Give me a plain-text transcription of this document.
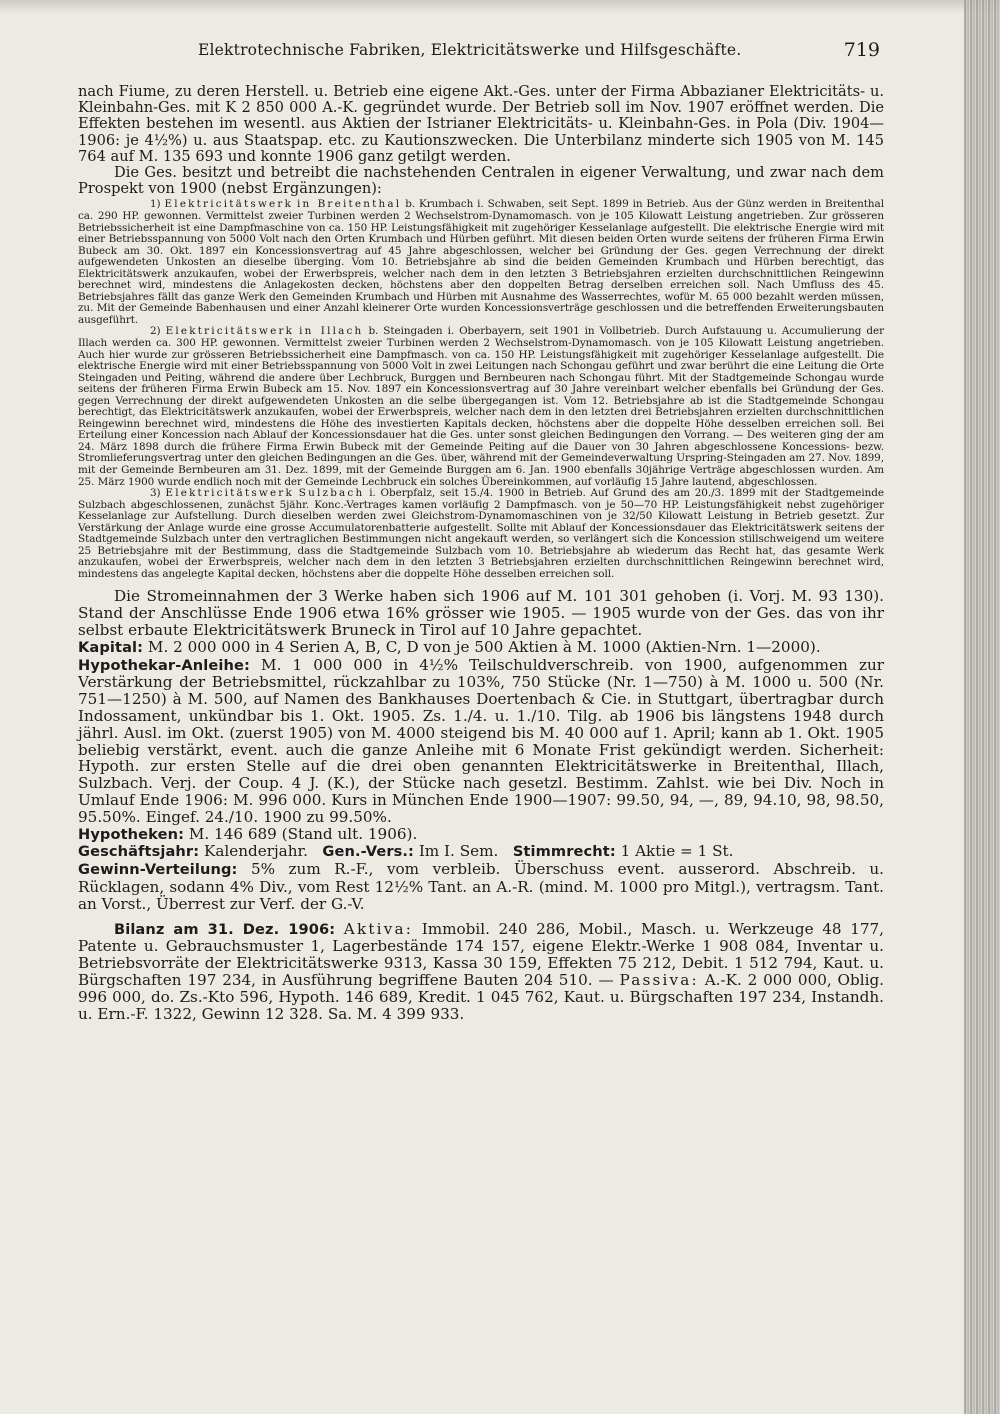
Elektrotechnische Fabriken, Elektricitätswerke und Hilfsgeschäfte.	719

nach Fiume, zu deren Herstell. u. Betrieb eine eigene Akt.-Ges. unter der Firma Abbazianer Elektricitäts- u. Kleinbahn-Ges. mit K 2 850 000 A.-K. gegründet wurde. Der Betrieb soll im Nov. 1907 eröffnet werden. Die Effekten bestehen im wesentl. aus Aktien der Istrianer Elektricitäts- u. Kleinbahn-Ges. in Pola (Div. 1904—1906: je 4½%) u. aus Staatspap. etc. zu Kautionszwecken. Die Unterbilanz minderte sich 1905 von M. 145 764 auf M. 135 693 und konnte 1906 ganz getilgt werden.

Die Ges. besitzt und betreibt die nachstehenden Centralen in eigener Verwaltung, und zwar nach dem Prospekt von 1900 (nebst Ergänzungen):

1) Elektricitätswerk in Breitenthal b. Krumbach i. Schwaben, seit Sept. 1899 in Betrieb. Aus der Günz werden in Breitenthal ca. 290 HP. gewonnen. Vermittelst zweier Turbinen werden 2 Wechselstrom-Dynamomasch. von je 105 Kilowatt Leistung angetrieben. Zur grösseren Betriebssicherheit ist eine Dampfmaschine von ca. 150 HP. Leistungsfähigkeit mit zugehöriger Kesselanlage aufgestellt. Die elektrische Energie wird mit einer Betriebsspannung von 5000 Volt nach den Orten Krumbach und Hürben geführt. Mit diesen beiden Orten wurde seitens der früheren Firma Erwin Bubeck am 30. Okt. 1897 ein Koncessionsvertrag auf 45 Jahre abgeschlossen, welcher bei Gründung der Ges. gegen Verrechnung der direkt aufgewendeten Unkosten an dieselbe überging. Vom 10. Betriebsjahre ab sind die beiden Gemeinden Krumbach und Hürben berechtigt, das Elektricitätswerk anzukaufen, wobei der Erwerbspreis, welcher nach dem in den letzten 3 Betriebsjahren erzielten durchschnittlichen Reingewinn berechnet wird, mindestens die Anlagekosten decken, höchstens aber den doppelten Betrag derselben erreichen soll. Nach Umfluss des 45. Betriebsjahres fällt das ganze Werk den Gemeinden Krumbach und Hürben mit Ausnahme des Wasserrechtes, wofür M. 65 000 bezahlt werden müssen, zu. Mit der Gemeinde Babenhausen und einer Anzahl kleinerer Orte wurden Koncessionsverträge geschlossen und die betreffenden Erweiterungsbauten ausgeführt.

2) Elektricitätswerk in Illach b. Steingaden i. Oberbayern, seit 1901 in Vollbetrieb. Durch Aufstauung u. Accumulierung der Illach werden ca. 300 HP. gewonnen. Vermittelst zweier Turbinen werden 2 Wechselstrom-Dynamomasch. von je 105 Kilowatt Leistung angetrieben. Auch hier wurde zur grösseren Betriebssicherheit eine Dampfmasch. von ca. 150 HP. Leistungsfähigkeit mit zugehöriger Kesselanlage aufgestellt. Die elektrische Energie wird mit einer Betriebsspannung von 5000 Volt in zwei Leitungen nach Schongau geführt und zwar berührt die eine Leitung die Orte Steingaden und Peiting, während die andere über Lechbruck, Burggen und Bernbeuren nach Schongau führt. Mit der Stadtgemeinde Schongau wurde seitens der früheren Firma Erwin Bubeck am 15. Nov. 1897 ein Koncessionsvertrag auf 30 Jahre vereinbart welcher ebenfalls bei Gründung der Ges. gegen Verrechnung der direkt aufgewendeten Unkosten an die selbe übergegangen ist. Vom 12. Betriebsjahre ab ist die Stadtgemeinde Schongau berechtigt, das Elektricitätswerk anzukaufen, wobei der Erwerbspreis, welcher nach dem in den letzten drei Betriebsjahren erzielten durchschnittlichen Reingewinn berechnet wird, mindestens die Höhe des investierten Kapitals decken, höchstens aber die doppelte Höhe desselben erreichen soll. Bei Erteilung einer Koncession nach Ablauf der Koncessionsdauer hat die Ges. unter sonst gleichen Bedingungen den Vorrang. — Des weiteren ging der am 24. März 1898 durch die frühere Firma Erwin Bubeck mit der Gemeinde Peiting auf die Dauer von 30 Jahren abgeschlossene Koncessions- bezw. Stromlieferungsvertrag unter den gleichen Bedingungen an die Ges. über, während mit der Gemeindeverwaltung Urspring-Steingaden am 27. Nov. 1899, mit der Gemeinde Bernbeuren am 31. Dez. 1899, mit der Gemeinde Burggen am 6. Jan. 1900 ebenfalls 30jährige Verträge abgeschlossen wurden. Am 25. März 1900 wurde endlich noch mit der Gemeinde Lechbruck ein solches Übereinkommen, auf vorläufig 15 Jahre lautend, abgeschlossen.

3) Elektricitätswerk Sulzbach i. Oberpfalz, seit 15./4. 1900 in Betrieb. Auf Grund des am 20./3. 1899 mit der Stadtgemeinde Sulzbach abgeschlossenen, zunächst 5jähr. Konc.-Vertrages kamen vorläufig 2 Dampfmasch. von je 50—70 HP. Leistungsfähigkeit nebst zugehöriger Kesselanlage zur Aufstellung. Durch dieselben werden zwei Gleichstrom-Dynamomaschinen von je 32/50 Kilowatt Leistung in Betrieb gesetzt. Zur Verstärkung der Anlage wurde eine grosse Accumulatorenbatterie aufgestellt. Sollte mit Ablauf der Koncessionsdauer das Elektricitätswerk seitens der Stadtgemeinde Sulzbach unter den vertraglichen Bestimmungen nicht angekauft werden, so verlängert sich die Koncession stillschweigend um weitere 25 Betriebsjahre mit der Bestimmung, dass die Stadtgemeinde Sulzbach vom 10. Betriebsjahre ab wiederum das Recht hat, das gesamte Werk anzukaufen, wobei der Erwerbspreis, welcher nach dem in den letzten 3 Betriebsjahren erzielten durchschnittlichen Reingewinn berechnet wird, mindestens das angelegte Kapital decken, höchstens aber die doppelte Höhe desselben erreichen soll.

Die Stromeinnahmen der 3 Werke haben sich 1906 auf M. 101 301 gehoben (i. Vorj. M. 93 130). Stand der Anschlüsse Ende 1906 etwa 16% grösser wie 1905. — 1905 wurde von der Ges. das von ihr selbst erbaute Elektricitätswerk Bruneck in Tirol auf 10 Jahre gepachtet.

Kapital: M. 2 000 000 in 4 Serien A, B, C, D von je 500 Aktien à M. 1000 (Aktien-Nrn. 1—2000).

Hypothekar-Anleihe: M. 1 000 000 in 4½% Teilschuldverschreib. von 1900, aufgenommen zur Verstärkung der Betriebsmittel, rückzahlbar zu 103%, 750 Stücke (Nr. 1—750) à M. 1000 u. 500 (Nr. 751—1250) à M. 500, auf Namen des Bankhauses Doertenbach & Cie. in Stuttgart, übertragbar durch Indossament, unkündbar bis 1. Okt. 1905. Zs. 1./4. u. 1./10. Tilg. ab 1906 bis längstens 1948 durch jährl. Ausl. im Okt. (zuerst 1905) von M. 4000 steigend bis M. 40 000 auf 1. April; kann ab 1. Okt. 1905 beliebig verstärkt, event. auch die ganze Anleihe mit 6 Monate Frist gekündigt werden. Sicherheit: Hypoth. zur ersten Stelle auf die drei oben genannten Elektricitätswerke in Breitenthal, Illach, Sulzbach. Verj. der Coup. 4 J. (K.), der Stücke nach gesetzl. Bestimm. Zahlst. wie bei Div. Noch in Umlauf Ende 1906: M. 996 000. Kurs in München Ende 1900—1907: 99.50, 94, —, 89, 94.10, 98, 98.50, 95.50%. Eingef. 24./10. 1900 zu 99.50%.

Hypotheken: M. 146 689 (Stand ult. 1906).

Geschäftsjahr: Kalenderjahr. Gen.-Vers.: Im I. Sem. Stimmrecht: 1 Aktie = 1 St.

Gewinn-Verteilung: 5% zum R.-F., vom verbleib. Überschuss event. ausserord. Abschreib. u. Rücklagen, sodann 4% Div., vom Rest 12½% Tant. an A.-R. (mind. M. 1000 pro Mitgl.), vertragsm. Tant. an Vorst., Überrest zur Verf. der G.-V.

Bilanz am 31. Dez. 1906: Aktiva: Immobil. 240 286, Mobil., Masch. u. Werkzeuge 48 177, Patente u. Gebrauchsmuster 1, Lagerbestände 174 157, eigene Elektr.-Werke 1 908 084, Inventar u. Betriebsvorräte der Elektricitätswerke 9313, Kassa 30 159, Effekten 75 212, Debit. 1 512 794, Kaut. u. Bürgschaften 197 234, in Ausführung begriffene Bauten 204 510. — Passiva: A.-K. 2 000 000, Oblig. 996 000, do. Zs.-Kto 596, Hypoth. 146 689, Kredit. 1 045 762, Kaut. u. Bürgschaften 197 234, Instandh. u. Ern.-F. 1322, Gewinn 12 328. Sa. M. 4 399 933.
